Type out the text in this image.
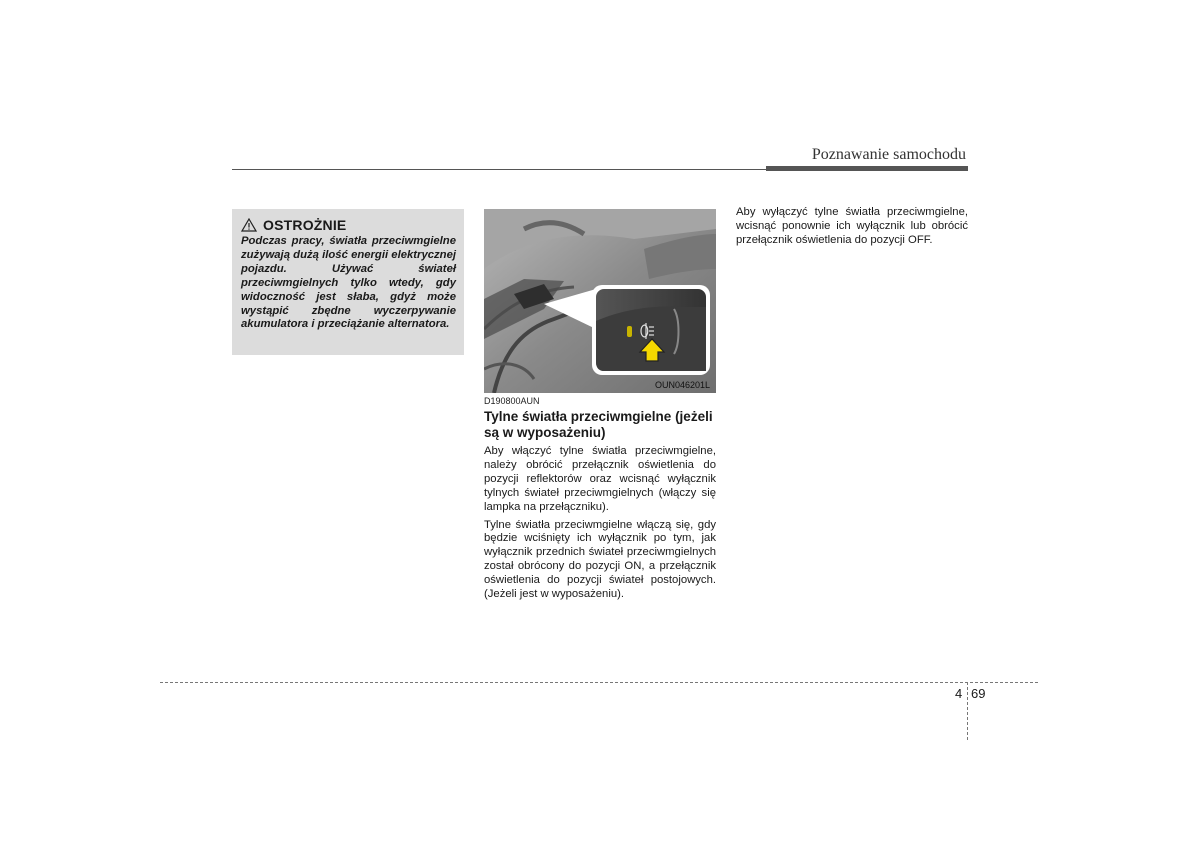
Poznawanie samochodu
OSTROŻNIE
Podczas pracy, światła przeciwmgielne zużywają dużą ilość energii elektrycznej pojazdu. Używać świateł przeciwmgielnych tylko wtedy, gdy widoczność jest słaba, gdyż może wystąpić zbędne wyczerpywanie akumulatora i przeciążanie alternatora.
OUN046201L
D190800AUN
Tylne światła przeciwmgielne (jeżeli są w wyposażeniu)

Aby włączyć tylne światła przeciwmgielne, należy obrócić przełącznik oświetlenia do pozycji reflektorów oraz wcisnąć wyłącznik tylnych świateł przeciwmgielnych (włączy się lampka na przełączniku).

Tylne światła przeciwmgielne włączą się, gdy będzie wciśnięty ich wyłącznik po tym, jak wyłącznik przednich świateł przeciwmgielnych został obrócony do pozycji ON, a przełącznik oświetlenia do pozycji świateł postojowych. (Jeżeli jest w wyposażeniu).

Aby wyłączyć tylne światła przeciwmgielne, wcisnąć ponownie ich wyłącznik lub obrócić przełącznik oświetlenia do pozycji OFF.

4 69
